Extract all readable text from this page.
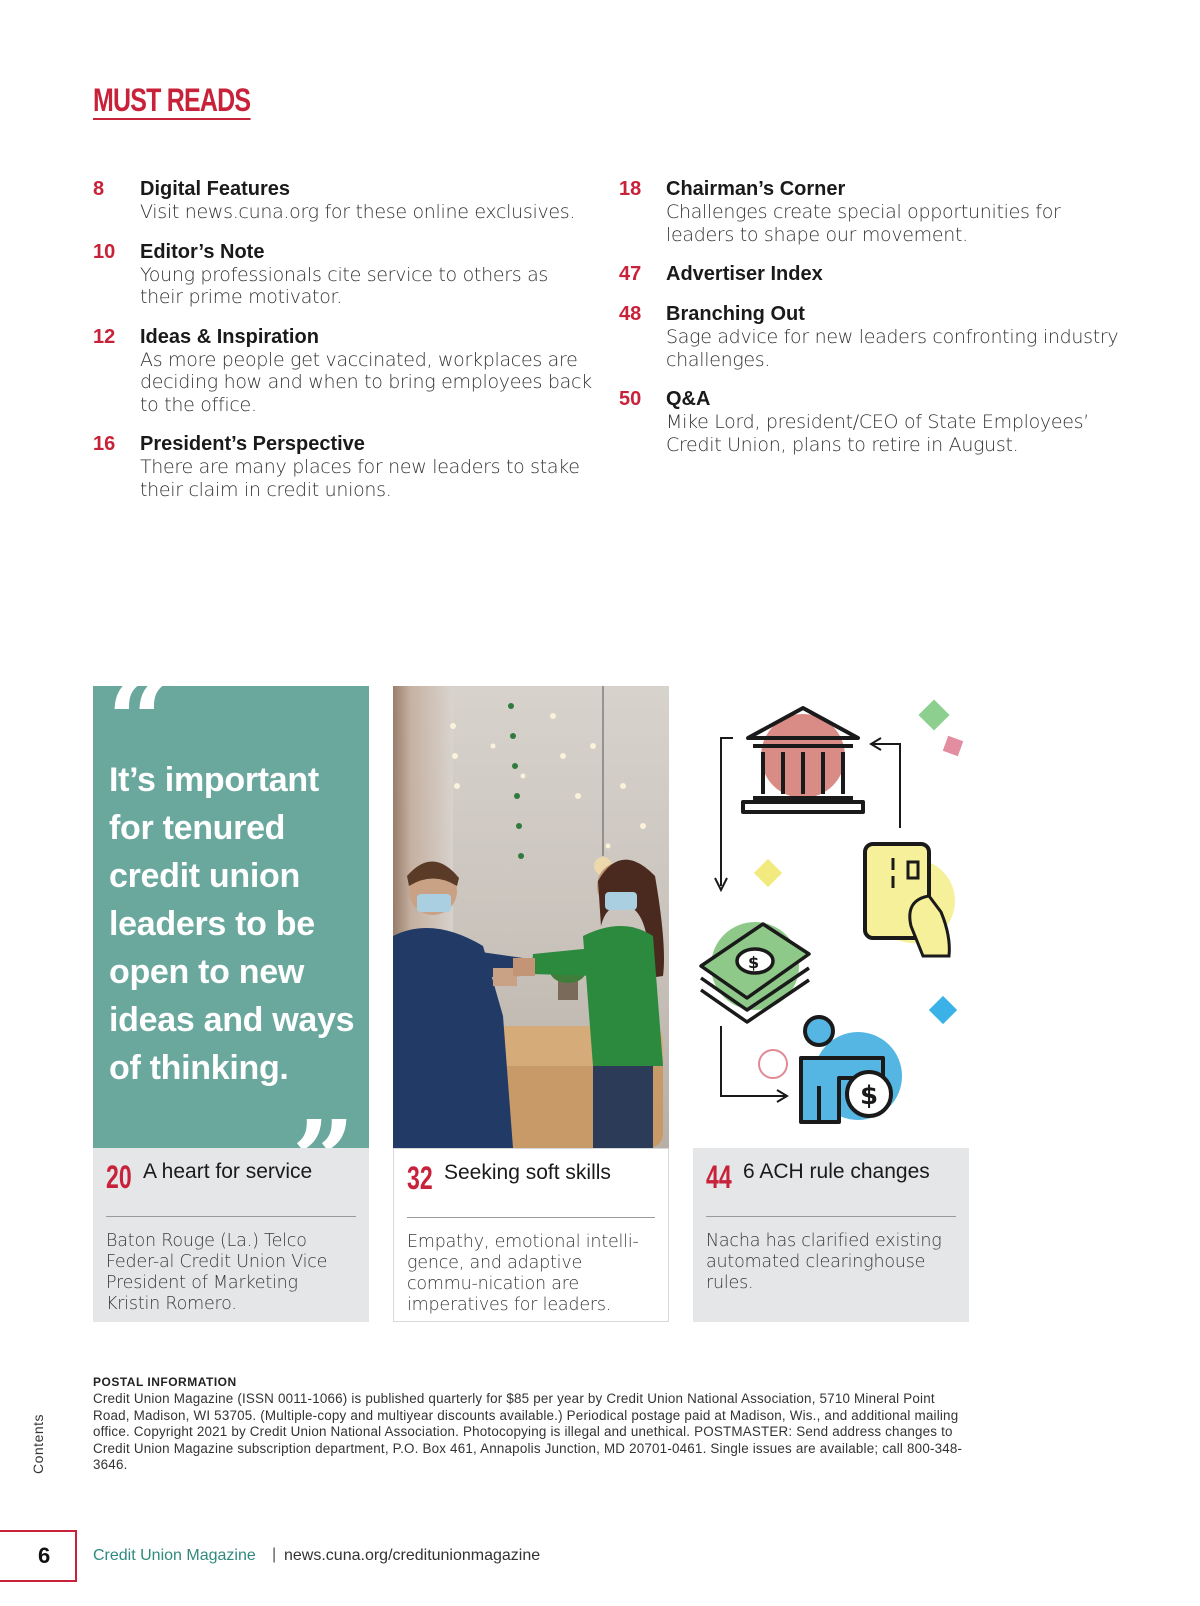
MUST READS
8 Digital Features
Visit news.cuna.org for these online exclusives.
10 Editor’s Note
Young professionals cite service to others as their prime motivator.
12 Ideas & Inspiration
As more people get vaccinated, workplaces are deciding how and when to bring employees back to the office.
16 President’s Perspective
There are many places for new leaders to stake their claim in credit unions.
18 Chairman’s Corner
Challenges create special opportunities for leaders to shape our movement.
47 Advertiser Index
48 Branching Out
Sage advice for new leaders confronting industry challenges.
50 Q&A
Mike Lord, president/CEO of State Employees’ Credit Union, plans to retire in August.
“
It’s important for tenured credit union leaders to be open to new ideas and ways of thinking.
20 A heart for service
Baton Rouge (La.) Telco Feder-al Credit Union Vice President of Marketing Kristin Romero.
32 Seeking soft skills
Empathy, emotional intelli-gence, and adaptive commu-nication are imperatives for leaders.
$
$
44 6 ACH rule changes
Nacha has clarified existing automated clearinghouse rules.
POSTAL INFORMATION
Credit Union Magazine (ISSN 0011-1066) is published quarterly for $85 per year by Credit Union National Association, 5710 Mineral Point Road, Madison, WI 53705. (Multiple-copy and multiyear discounts available.) Periodical postage paid at Madison, Wis., and additional mailing office. Copyright 2021 by Credit Union National Association. Photocopying is illegal and unethical. POSTMASTER: Send address changes to Credit Union Magazine subscription department, P.O. Box 461, Annapolis Junction, MD 20701-0461. Single issues are available; call 800-348-3646.
Contents
6	Credit Union Magazine | news.cuna.org/creditunionmagazine
